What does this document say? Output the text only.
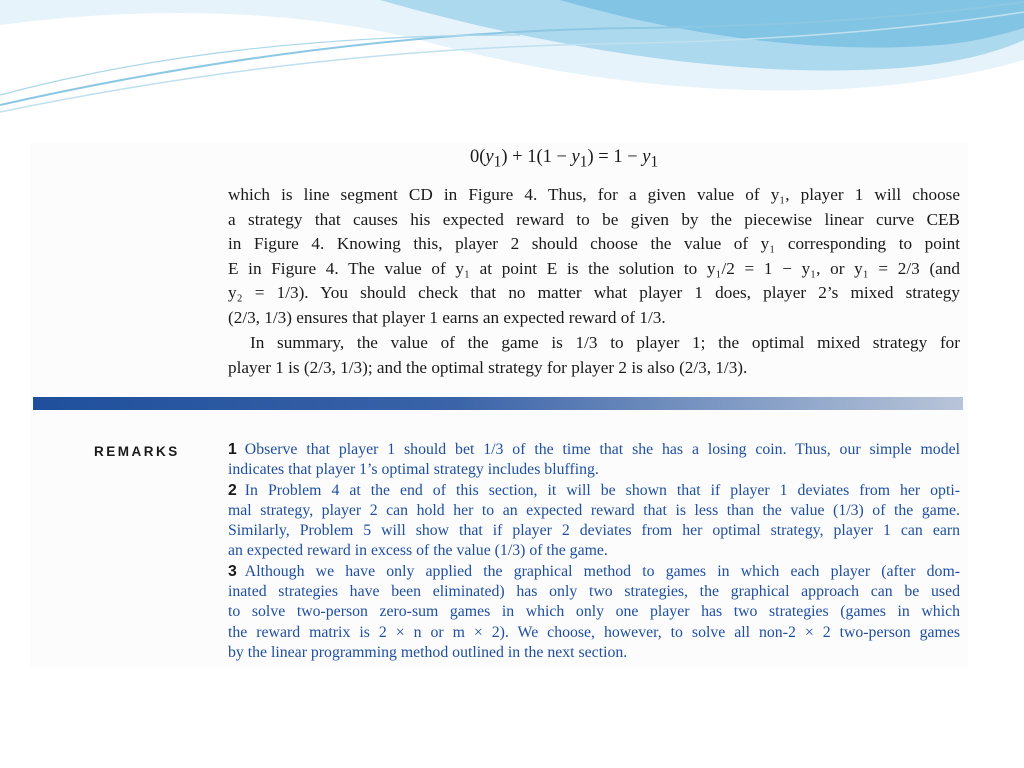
$0(y_1) + 1(1 - y_1) = 1 - y_1$
which is line segment CD in Figure 4. Thus, for a given value of y₁, player 1 will choose
a strategy that causes his expected reward to be given by the piecewise linear curve CEB
in Figure 4. Knowing this, player 2 should choose the value of y₁ corresponding to point
E in Figure 4. The value of y₁ at point E is the solution to y₁/2 = 1 − y₁, or y₁ = 2/3 (and
y₂ = 1/3). You should check that no matter what player 1 does, player 2’s mixed strategy
(2/3, 1/3) ensures that player 1 earns an expected reward of 1/3.
In summary, the value of the game is 1/3 to player 1; the optimal mixed strategy for
player 1 is (2/3, 1/3); and the optimal strategy for player 2 is also (2/3, 1/3).
REMARKS	1 Observe that player 1 should bet 1/3 of the time that she has a losing coin. Thus, our simple model
indicates that player 1’s optimal strategy includes bluffing.
2 In Problem 4 at the end of this section, it will be shown that if player 1 deviates from her opti-
mal strategy, player 2 can hold her to an expected reward that is less than the value (1/3) of the game.
Similarly, Problem 5 will show that if player 2 deviates from her optimal strategy, player 1 can earn
an expected reward in excess of the value (1/3) of the game.
3 Although we have only applied the graphical method to games in which each player (after dom-
inated strategies have been eliminated) has only two strategies, the graphical approach can be used
to solve two-person zero-sum games in which only one player has two strategies (games in which
the reward matrix is 2 × n or m × 2). We choose, however, to solve all non-2 × 2 two-person games
by the linear programming method outlined in the next section.
